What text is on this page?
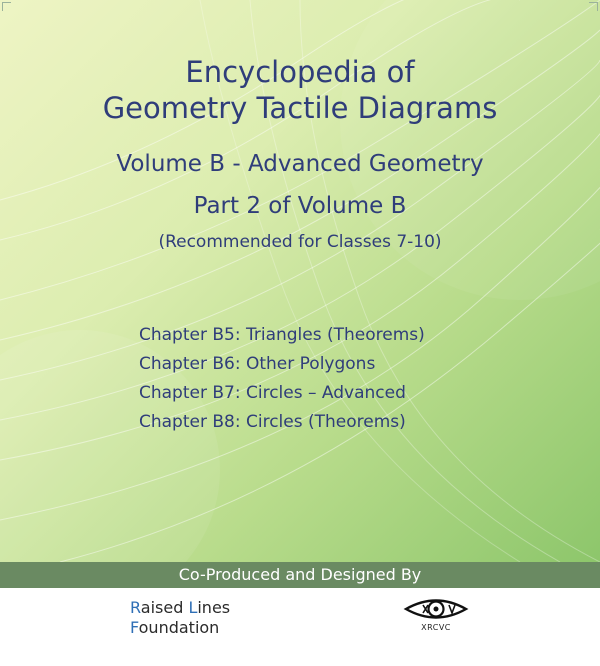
Encyclopedia of
Geometry Tactile Diagrams
Volume B - Advanced Geometry
Part 2 of Volume B
(Recommended for Classes 7-10)
Chapter B5: Triangles (Theorems)
Chapter B6: Other Polygons
Chapter B7: Circles – Advanced
Chapter B8: Circles (Theorems)
Co-Produced and Designed By
Raised Lines
Foundation	XRCVC
